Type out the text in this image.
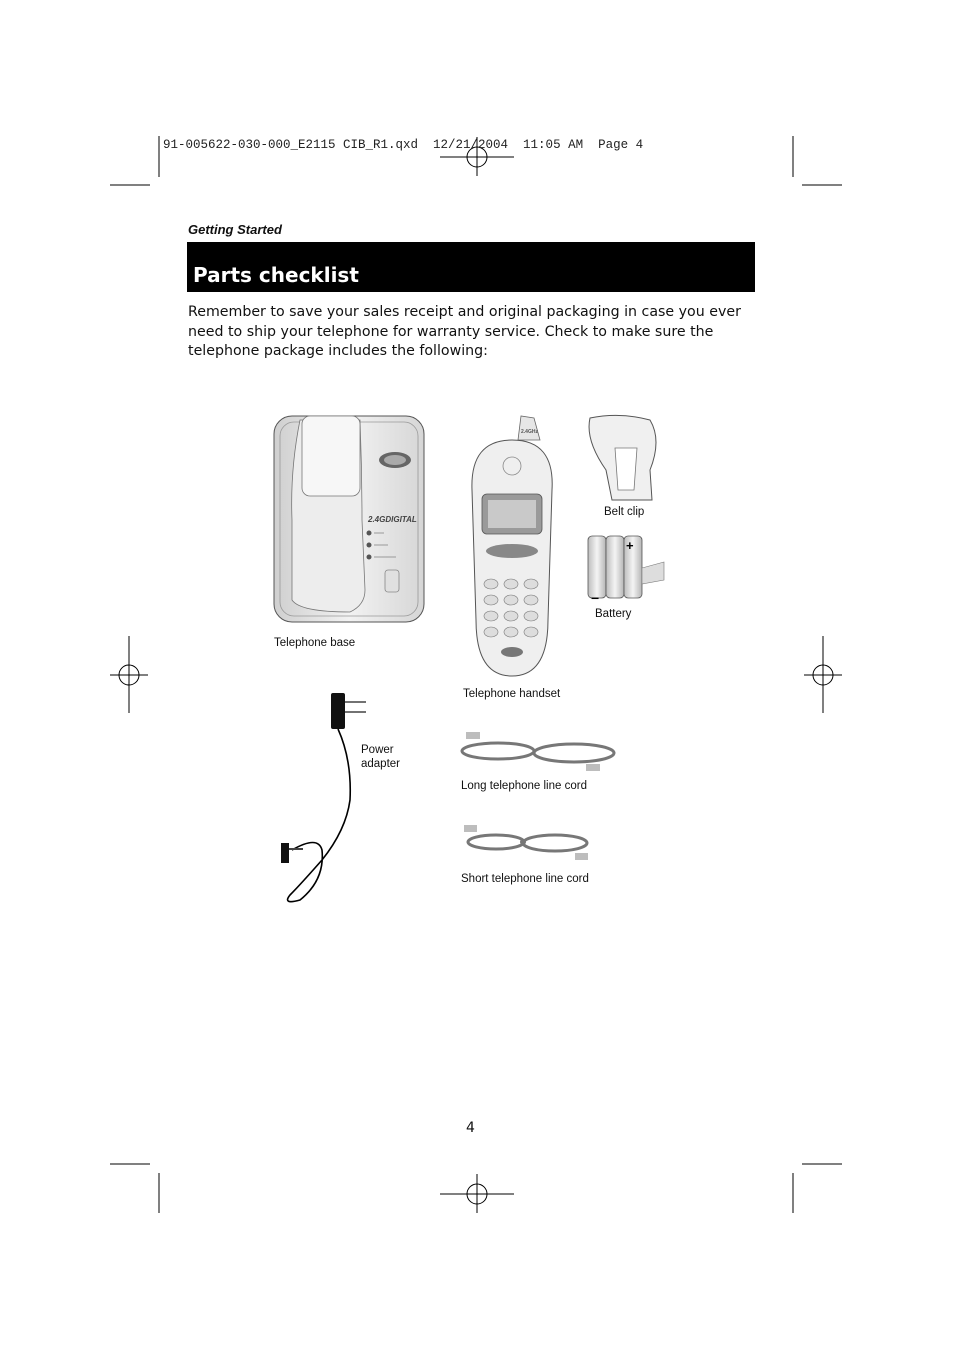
91-005622-030-000_E2115 CIB_R1.qxd  12/21/2004  11:05 AM  Page 4
Getting Started
Parts checklist
Remember to save your sales receipt and original packaging in case you ever need to ship your telephone for warranty service. Check to make sure the telephone package includes the following:
2.4GDIGITAL
2.4GHz
+
−
Telephone base
Telephone handset
Belt clip
Battery
Power
adapter
Long telephone line cord
Short telephone line cord
4
